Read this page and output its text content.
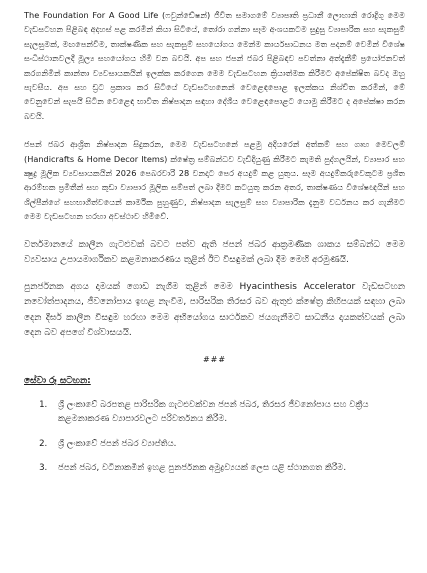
The Foundation For A Good Life (ෆවුන්ඩේෂන්) ජීවිත සමාගමේ ව්‍යාපෘති ප්‍රධානී ලොහානි රොද්‍රිගු මෙම වැඩසටහන පිළිබඳ අදහස් පළ කරමින් කියා සිටියේ, තෝරා ගන්නා සෑම අංශයකටම සුදුසු ව්‍යාපාරික සහ සැකසුම් සැලසුමක්, මඟපෙන්වීම, තාක්ෂණික සහ සැකසුම් සහයෝගය මෙන්ම කාර්යසාධනය මත පදනම් වෙමින් විශේෂ සංධිස්ථානවලදී මූල්‍ය සහයෝගය හිමි වන බවයි. අප සහ ජපන් ජබර පිළිබඳව පවත්නා අත්දැකීම් ප්‍රයෝජනවත් කරගනිමින් කාන්තා ව්‍යවසායකයින් ඉලක්ක කරගෙන මෙම වැඩසටහන ක්‍රියාත්මක කිරීමට අපේක්ෂිත බවද ඔහු පැවසීය. අප සහ ඩ්‍රට ප්‍රකාශ කර සිටියේ වැඩසටහනෙන් වෙළෙඳපොළ ඉලක්කය නිශ්චිත කරමින්, මේ වෙනුවෙන් සැපයී සිටින වෙළෙඳ භාවිත නිෂ්පාදන සඳහා දේශීය වෙළෙඳපොළට යොමු කිරීමට ද අපේක්ෂා කරන බවයි.

ජපන් ජබර ආශ්‍රිත නිෂ්පාදන සිදුකරන, මෙම වැඩසටහනේ පළමු අදියරෙන් අත්කම් සහ ගෘහ මෙවලම් (Handicrafts & Home Decor Items) ක්ෂේත්‍ර සම්බන්ධව වැඩිදියුණු කිරීමට කැමති පුද්ගලයින්, ව්‍යාපාර සහ ක්‍ෂුද්‍ර මූලික ව්‍යවසායකයින් 2026 පෙබරවාරි 28 වනදාට පෙර අයදුම් කළ යුතුය. සෑම අයදුම්කරුවෙකුටම ප්‍රශිත ආරම්භක ප්‍රමිතීන් සහ කුඩා ව්‍යාපාර මූලික සම්පත් ලබා දීමට කටයුතු කරන අතර, තාක්ෂණය විශේෂඥයින් සහ ශිල්පීන්ගේ සහභාගීත්වයෙන් කාර්මික පුහුණුව, නිෂ්පාදන සැලසුම් සහ ව්‍යාපාරික දැනුම වර්ධනය කර ගැනීමට මෙම වැඩසටහන හරහා අවස්ථාව හිමිවේ.

වර්තමානයේ කාලීන ගැටළුවක් බවට පත්ව ඇති ජපන් ජබර ආක්‍රමණික ශාකය සම්බන්ධ මෙම ව්‍යවසාය උපායමාර්ගිකව කළමනාකරණය තුළින් ඊට විසඳුමක් ලබා දීම මෙහි අරමුණයි.

පුනර්ජනක අගය දාමයක් ගොඩ නැගීම තුළින් මෙම Hyacinthesis Accelerator වැඩසටහන නවෝත්පාදනය, ජීවනෝපාය ඉහළ නැංවීම, පාරිසරික තිරසර බව ඇතුළු ක්ෂේත්‍ර කිහිපයක් සඳහා ලබා දෙන දීර්ඝ කාලීන විසඳුම හරහා මෙම අභියෝගය සාර්ථකව ජයගැනීමට සාධනීය දායකත්වයක් ලබා දෙන බව අපගේ විශ්වාසයයි.

###
සේවා රූ සටහන:
1. ශ්‍රී ලංකාවේ බරපතළ පාරිසරික ගැටළුවක්වන ජපන් ජබර, තිරසර ජීවනෝපාය සහ වක්‍රීය කළමනාකරණ ව්‍යාපාරවලට පරිවර්තනය කිරීම.
2. ශ්‍රී ලංකාවේ ජපන් ජබර ව්‍යාප්තිය.
3. ජපන් ජබර, වටිනාකමින් ඉහළ පුනර්ජනක අමුද්‍රව්‍යයක් ලෙස යළි ස්ථානගත කිරීම.
